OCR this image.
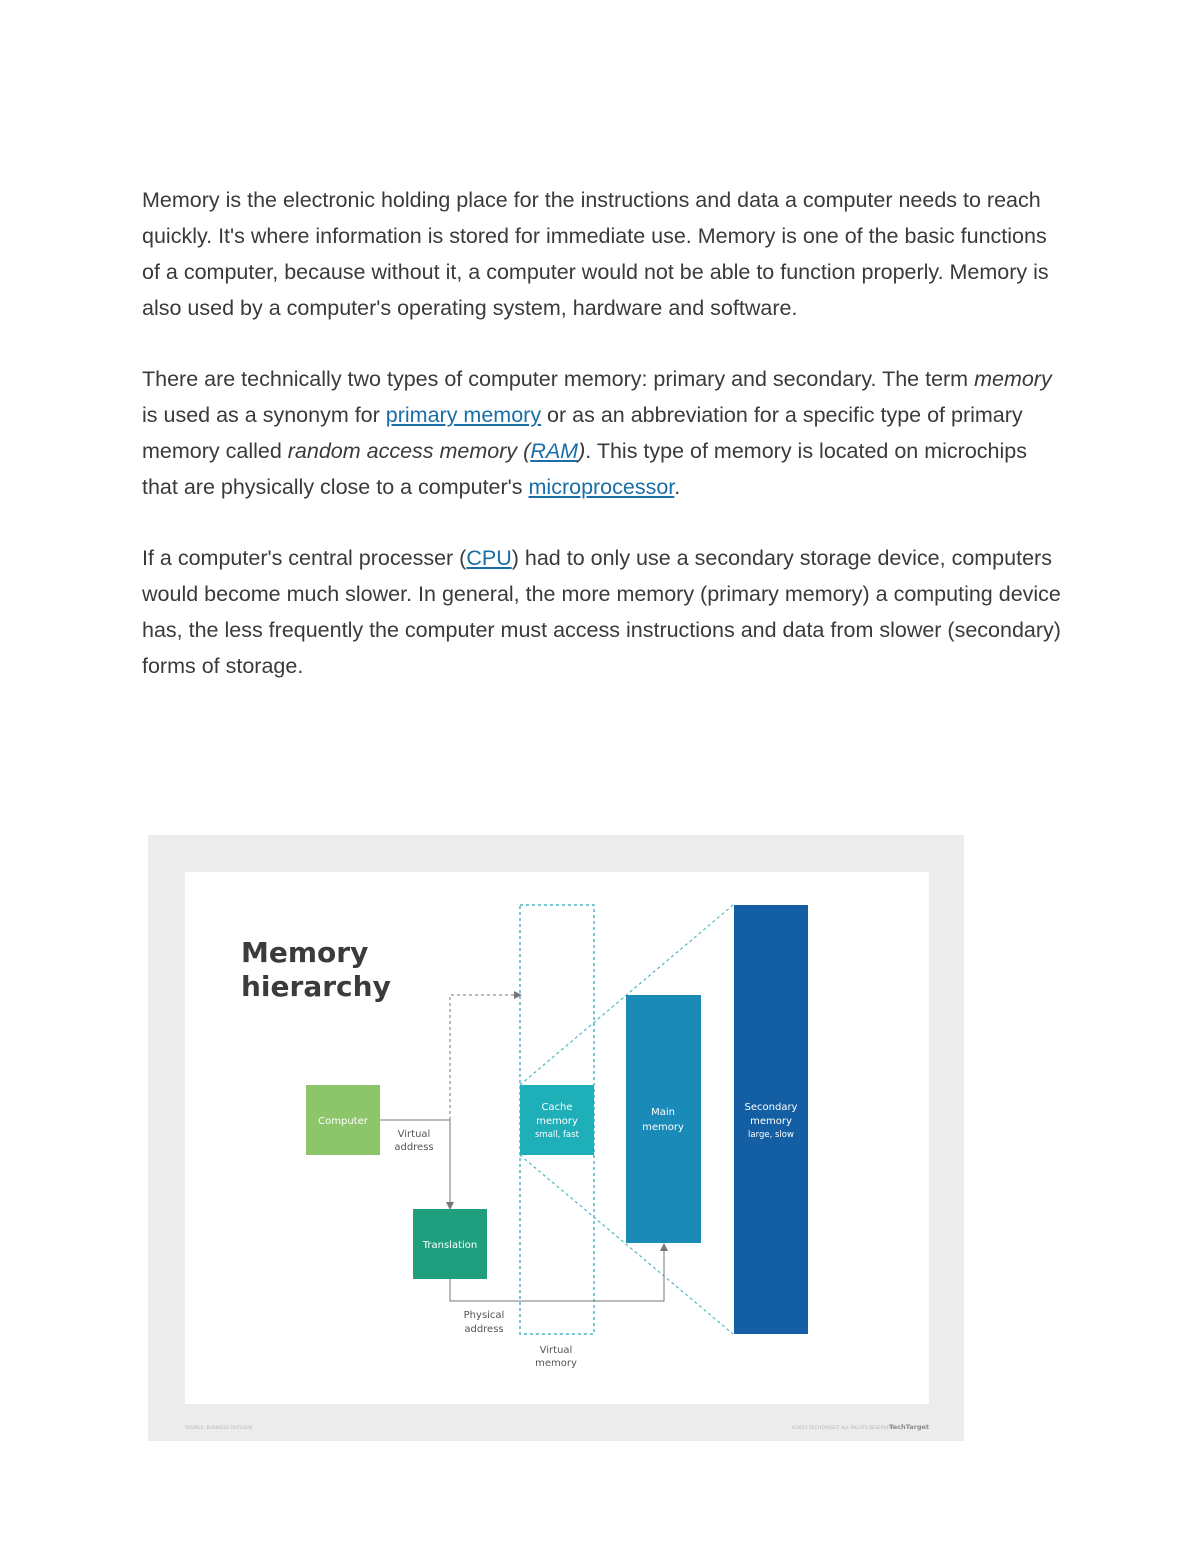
Memory is the electronic holding place for the instructions and data a computer needs to reach quickly. It's where information is stored for immediate use. Memory is one of the basic functions of a computer, because without it, a computer would not be able to function properly. Memory is also used by a computer's operating system, hardware and software.

There are technically two types of computer memory: primary and secondary. The term memory is used as a synonym for primary memory or as an abbreviation for a specific type of primary memory called random access memory (RAM). This type of memory is located on microchips that are physically close to a computer's microprocessor.

If a computer's central processer (CPU) had to only use a secondary storage device, computers would become much slower. In general, the more memory (primary memory) a computing device has, the less frequently the computer must access instructions and data from slower (secondary) forms of storage.

Memory
hierarchy
Computer
Translation
Cache
memory
small, fast
Main
memory
Secondary
memory
large, slow
Virtual
address
Physical
address
Virtual
memory
SOURCE: BUSINESS OUTLOOK	©2021 TECHTARGET. ALL RIGHTS RESERVED
TechTarget
